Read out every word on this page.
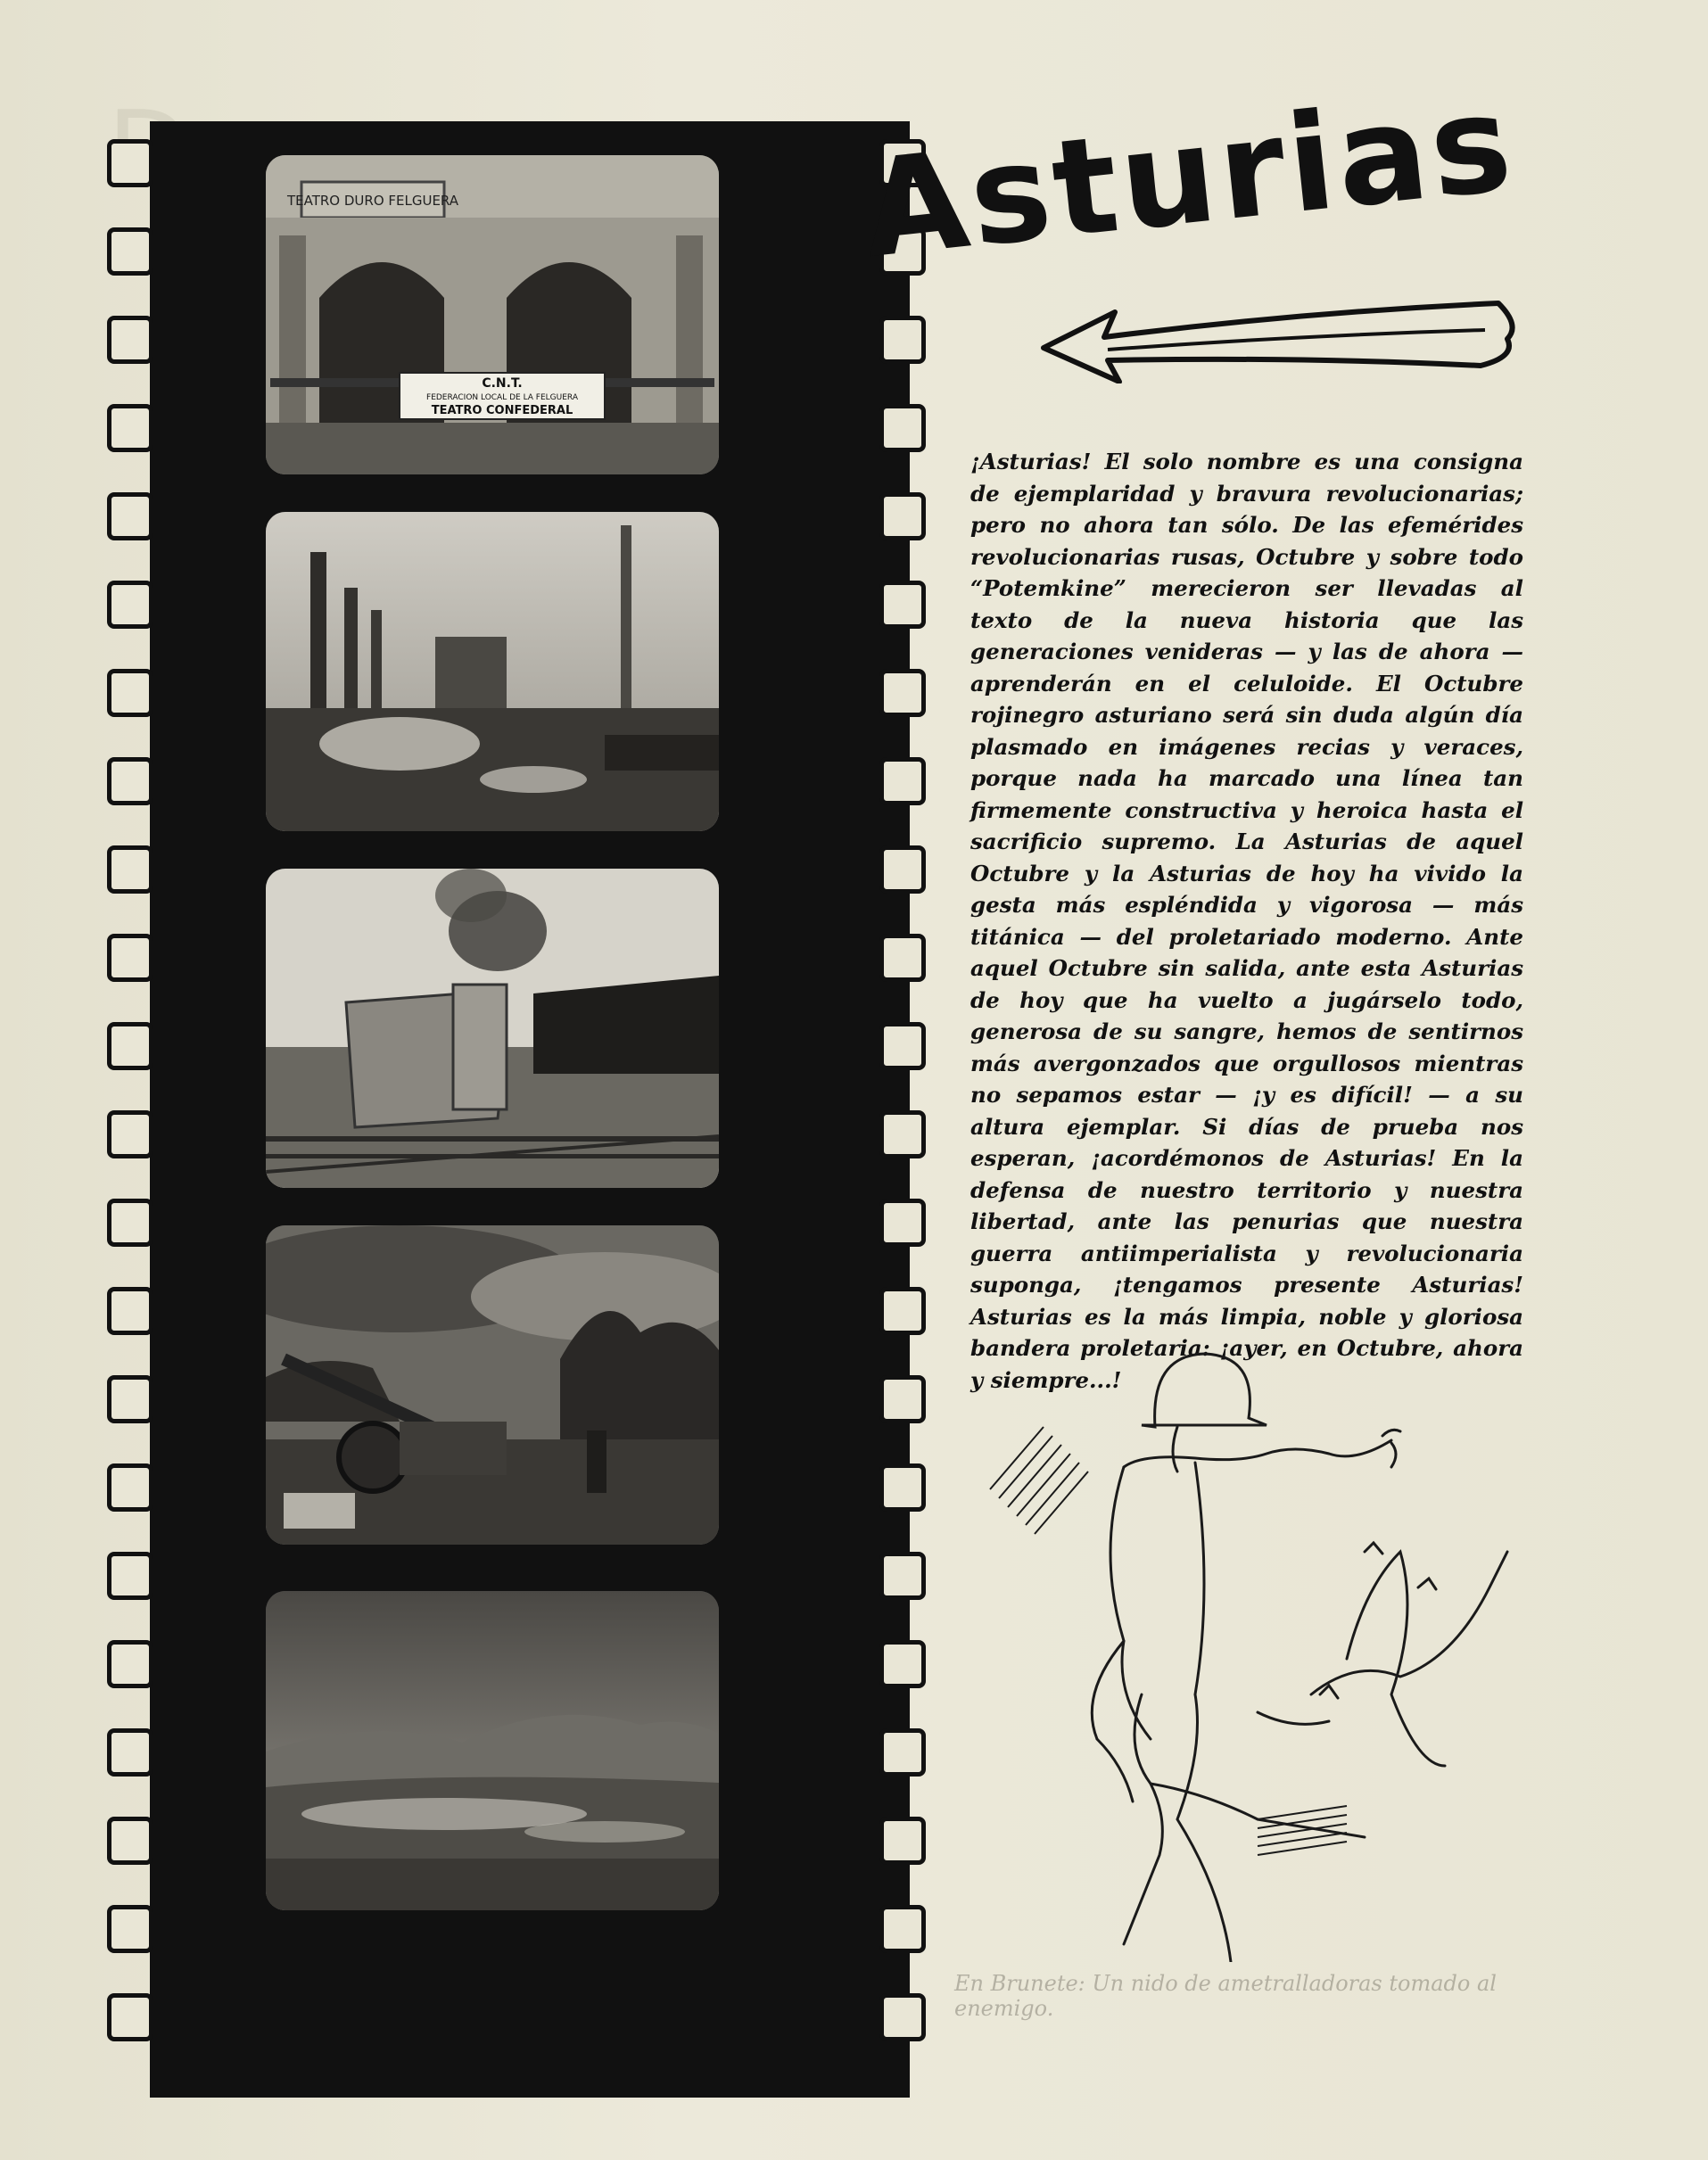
TEATRO DURO FELGUERA
C.N.T.
FEDERACION LOCAL DE LA FELGUERA
TEATRO CONFEDERAL
Asturias

¡Asturias! El solo nombre es una consigna de ejemplaridad y bravura revolucionarias; pero no ahora tan sólo. De las efemérides revolucionarias rusas, Octubre y sobre todo “Potemkine” merecieron ser llevadas al texto de la nueva historia que las generaciones venideras — y las de ahora — aprenderán en el celuloide. El Octubre rojinegro asturiano será sin duda algún día plasmado en imágenes recias y veraces, porque nada ha marcado una línea tan firmemente constructiva y heroica hasta el sacrificio supremo. La Asturias de aquel Octubre y la Asturias de hoy ha vivido la gesta más espléndida y vigorosa — más titánica — del proletariado moderno. Ante aquel Octubre sin salida, ante esta Asturias de hoy que ha vuelto a jugárselo todo, generosa de su sangre, hemos de sentirnos más avergonzados que orgullosos mientras no sepamos estar — ¡y es difícil! — a su altura ejemplar. Si días de prueba nos esperan, ¡acordémonos de Asturias! En la defensa de nuestro territorio y nuestra libertad, ante las penurias que nuestra guerra antiimperialista y revolucionaria suponga, ¡tengamos presente Asturias! Asturias es la más limpia, noble y gloriosa bandera proletaria: ¡ayer, en Octubre, ahora y siempre...!

En Brunete: Un nido de ametralladoras tomado al enemigo.
